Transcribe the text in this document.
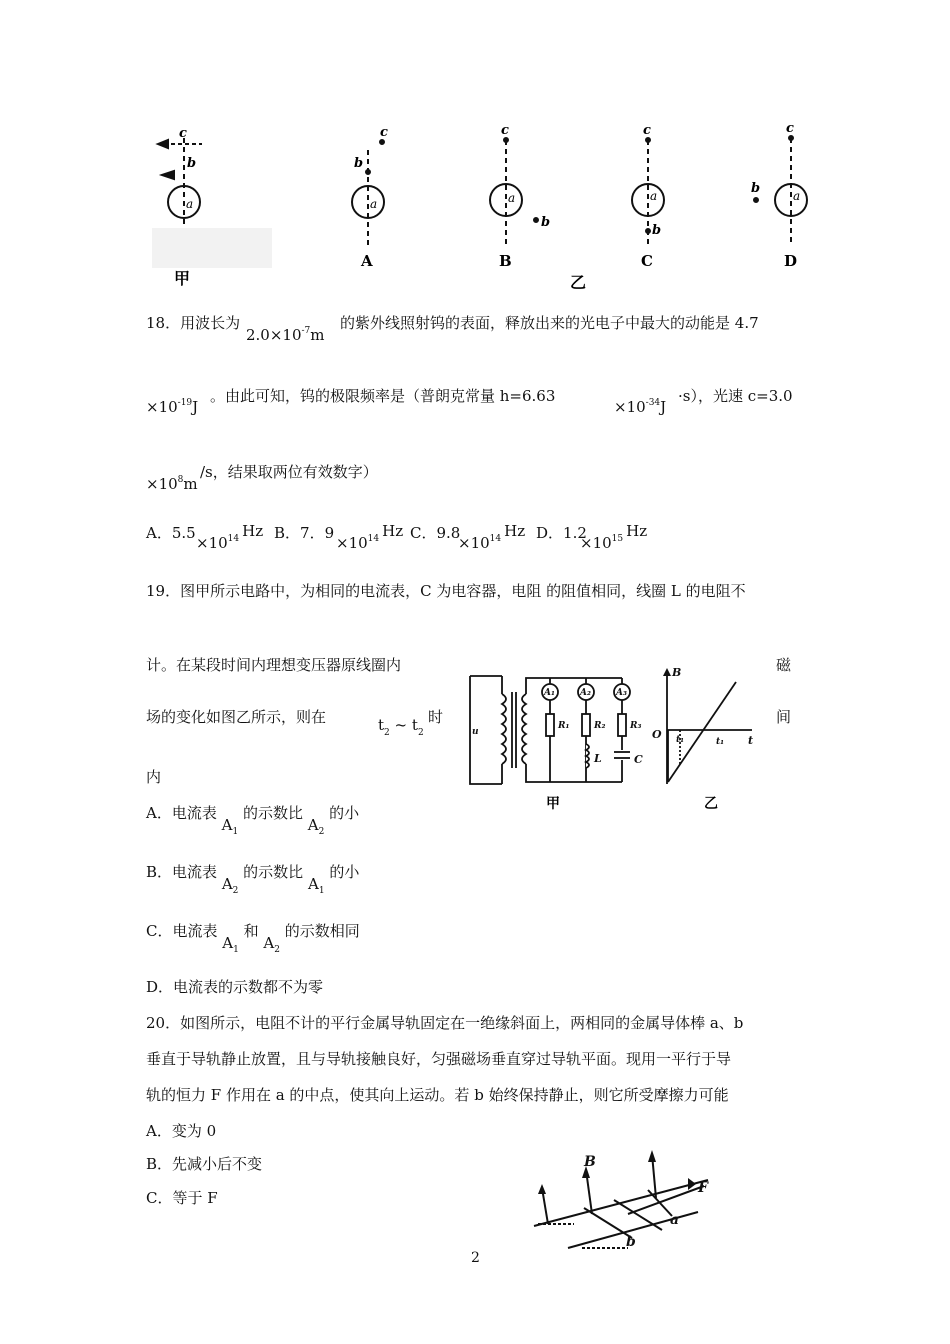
c
b
a
甲
c
b
a
A
c
b
a
B
c
b
a
C
c
b	a
D
乙
18．用波长为
$2.0\times 10^{-7}m$
的紫外线照射钨的表面，释放出来的光电子中最大的动能是 4.7
$\times 10^{-19}J$
。由此可知，钨的极限频率是（普朗克常量 h=6.63
$\times 10^{-34}J$
·s），光速 c=3.0
$\times 10^8m$
/s，结果取两位有效数字）
A．5.5
$\times 10^{14}$ Hz B．7．9
$\times 10^{14}$ Hz C．9.8
$\times 10^{14}$ Hz D．1.2
$\times 10^{15}$ Hz
19．图甲所示电路中，为相同的电流表，C 为电容器，电阻 的阻值相同，线圈 L 的电阻不
计。在某段时间内理想变压器原线圈内	磁
场的变化如图乙所示，则在	$t_2$ ~ $t_2$
时	间
内
u
A₁	A₂	A₃
R₁	R₂	R₃
L	C
B
O	t
t₁	t₁
甲	乙
A．电流表 $A_1$ 的示数比 $A_2$ 的小
B．电流表 $A_2$ 的示数比 $A_1$ 的小
C．电流表 $A_1$ 和 $A_2$ 的示数相同
D．电流表的示数都不为零
20．如图所示，电阻不计的平行金属导轨固定在一绝缘斜面上，两相同的金属导体棒 a、b
垂直于导轨静止放置，且与导轨接触良好，匀强磁场垂直穿过导轨平面。现用一平行于导
轨的恒力 F 作用在 a 的中点，使其向上运动。若 b 始终保持静止，则它所受摩擦力可能
A．变为 0
B．先减小后不变
C．等于 F
B
F
a
b
2
